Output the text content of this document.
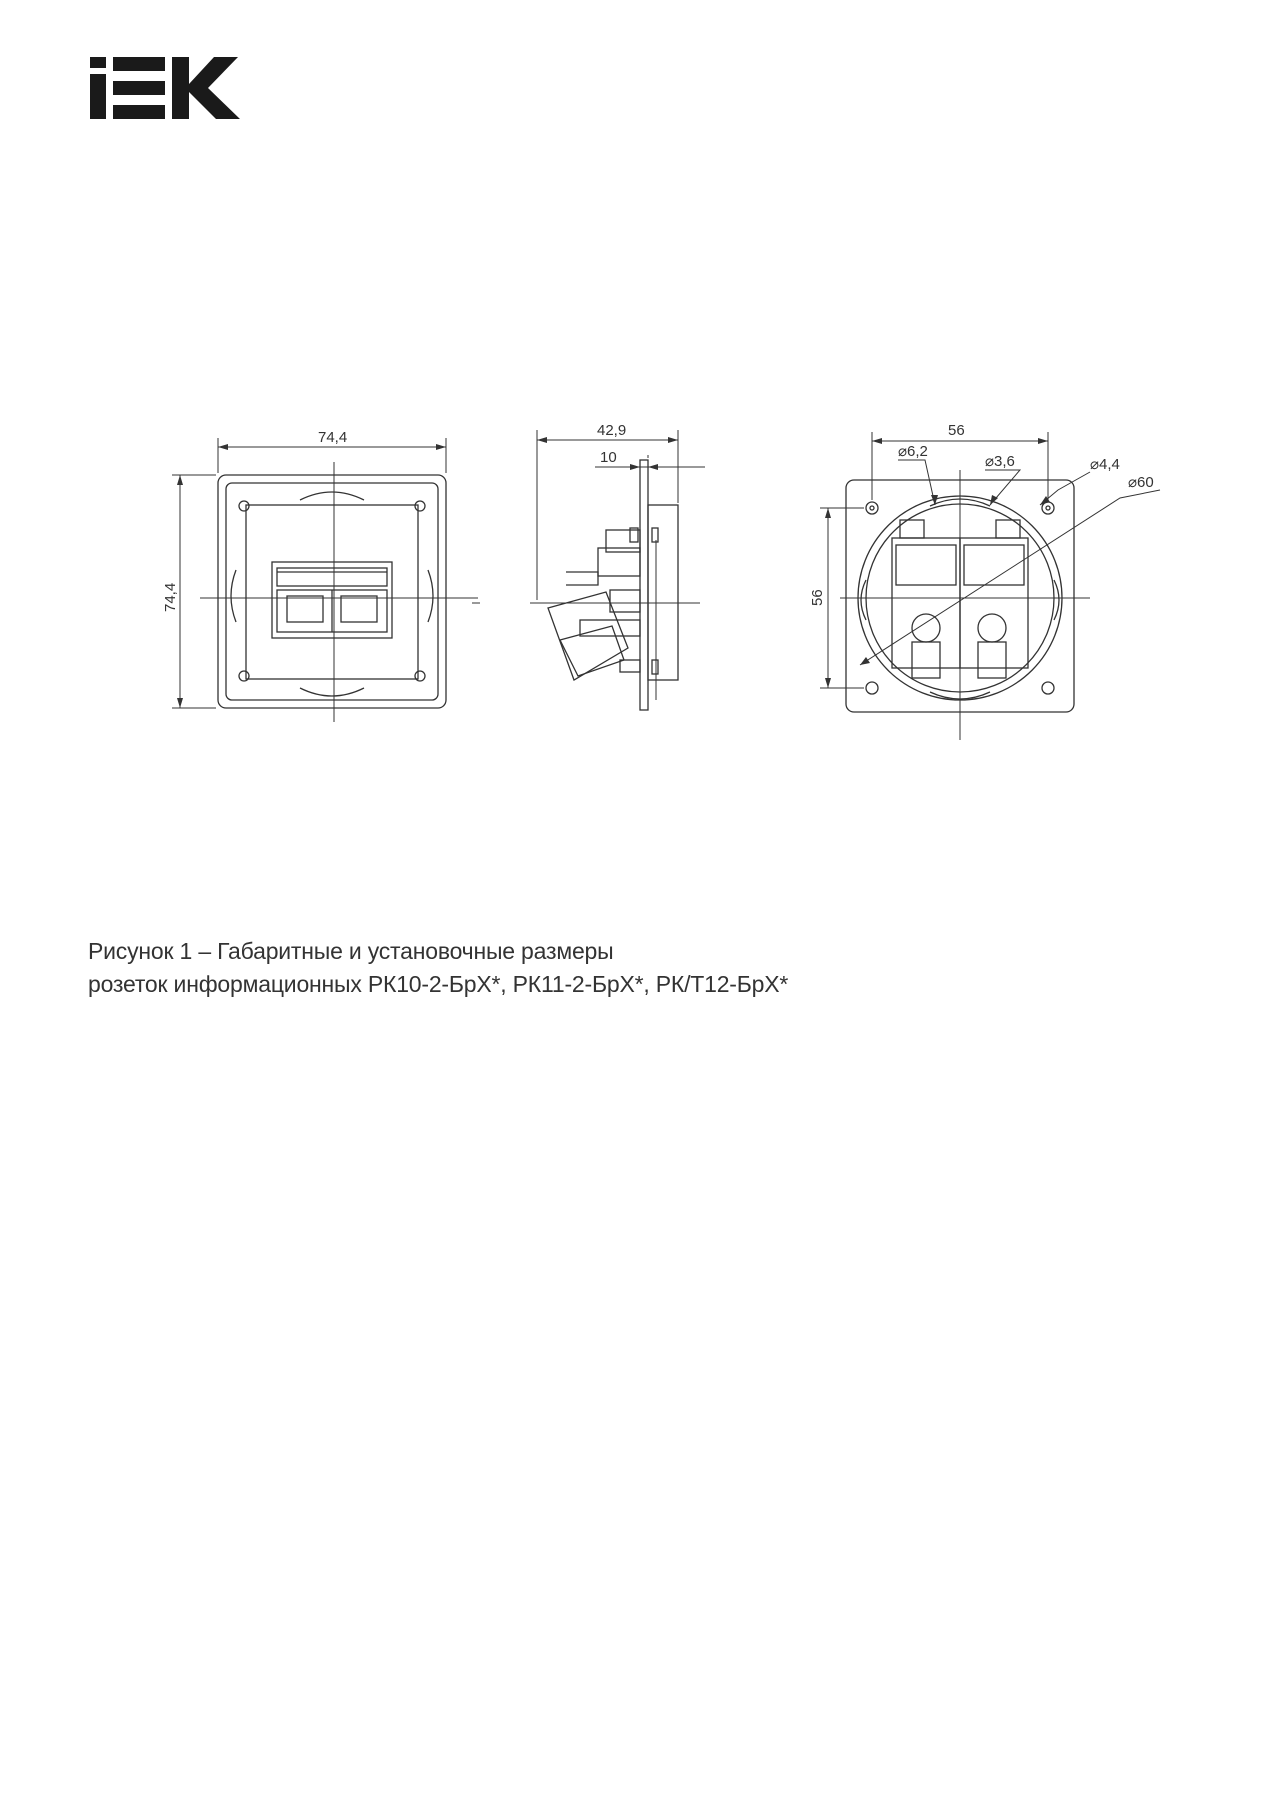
74,4
74,4
42,9
10
56
56
⌀6,2
⌀3,6	⌀4,4
⌀60
Рисунок 1 – Габаритные и установочные размеры
розеток информационных РК10-2-БрХ*, РК11-2-БрХ*, РК/Т12-БрХ*
